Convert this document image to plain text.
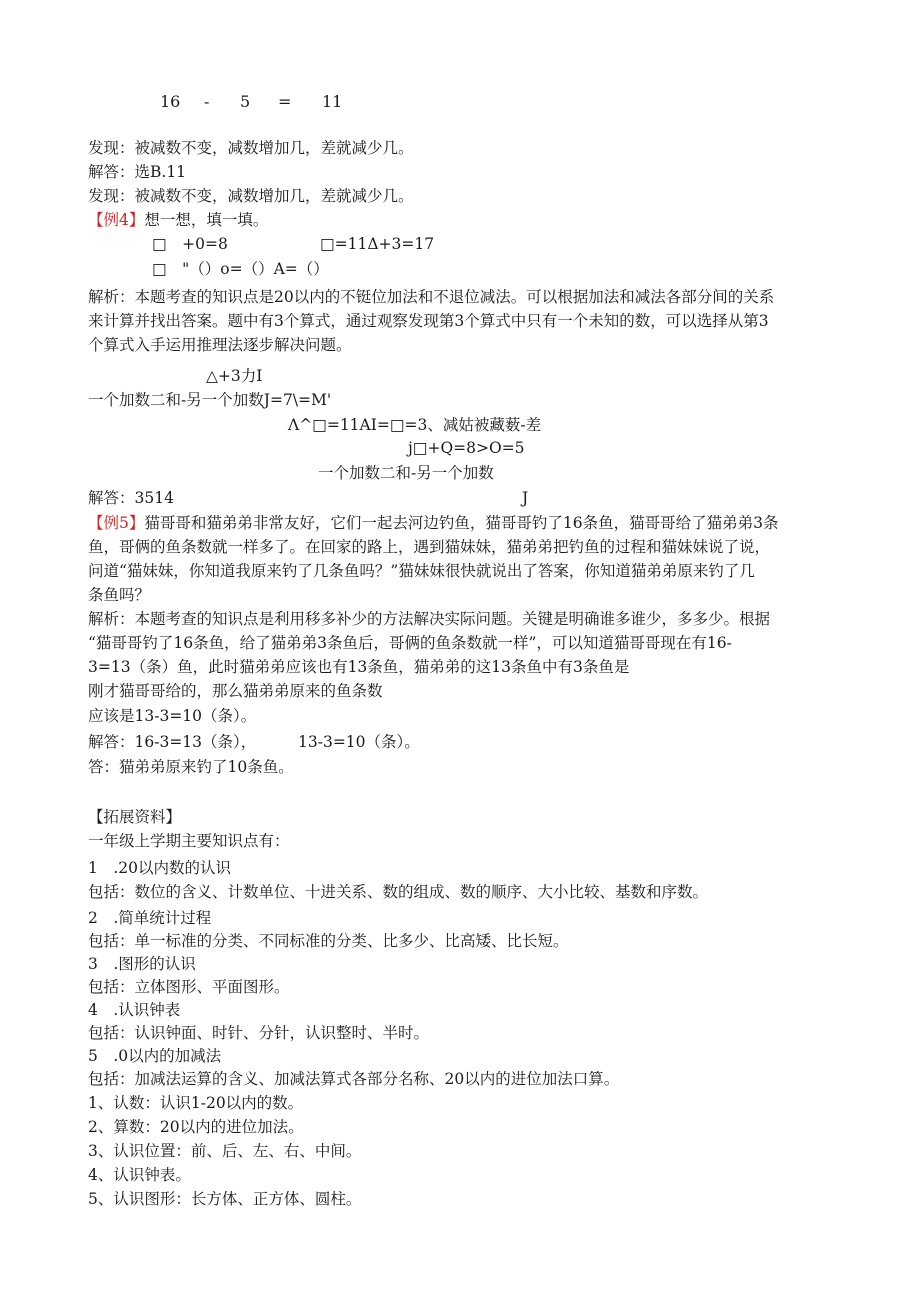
16 - 5 = 11
发现：被减数不变，减数增加几，差就减少几。
解答：选B.11
发现：被减数不变，减数增加几，差就减少几。
【例4】想一想，填一填。
□　+0=8	□=11Δ+3=17
□　"（）o=（）A=（）
解析：本题考查的知识点是20以内的不铤位加法和不退位减法。可以根据加法和减法各部分间的关系
来计算并找出答案。题中有3个算式，通过观察发现第3个算式中只有一个未知的数，可以选择从第3
个算式入手运用推理法逐步解决问题。
△+3力I
一个加数二和-另一个加数J=7\=M'
Λ^□=11AI=□=3、减姑被藏薮-差
j□+Q=8>O=5
一个加数二和-另一个加数
解答：3514	J
【例5】猫哥哥和猫弟弟非常友好，它们一起去河边钓鱼，猫哥哥钓了16条鱼，猫哥哥给了猫弟弟3条
鱼，哥俩的鱼条数就一样多了。在回家的路上，遇到猫妹妹，猫弟弟把钓鱼的过程和猫妹妹说了说，
问道“猫妹妹，你知道我原来钓了几条鱼吗？”猫妹妹很快就说出了答案，你知道猫弟弟原来钓了几
条鱼吗？
解析：本题考查的知识点是利用移多补少的方法解决实际问题。关键是明确谁多谁少，多多少。根据
“猫哥哥钓了16条鱼，给了猫弟弟3条鱼后，哥俩的鱼条数就一样”，可以知道猫哥哥现在有16-
3=13（条）鱼，此时猫弟弟应该也有13条鱼，猫弟弟的这13条鱼中有3条鱼是
刚才猫哥哥给的，那么猫弟弟原来的鱼条数
应该是13-3=10（条）。
解答：16-3=13（条），	13-3=10（条）。
答：猫弟弟原来钓了10条鱼。
【拓展资料】
一年级上学期主要知识点有：
1　.20以内数的认识
包括：数位的含义、计数单位、十进关系、数的组成、数的顺序、大小比较、基数和序数。
2　.简单统计过程
包括：单一标准的分类、不同标准的分类、比多少、比高矮、比长短。
3　.图形的认识
包括：立体图形、平面图形。
4　.认识钟表
包括：认识钟面、时针、分针，认识整时、半时。
5　.0以内的加减法
包括：加减法运算的含义、加减法算式各部分名称、20以内的进位加法口算。
1、认数：认识1-20以内的数。
2、算数：20以内的进位加法。
3、认识位置：前、后、左、右、中间。
4、认识钟表。
5、认识图形：长方体、正方体、圆柱。
